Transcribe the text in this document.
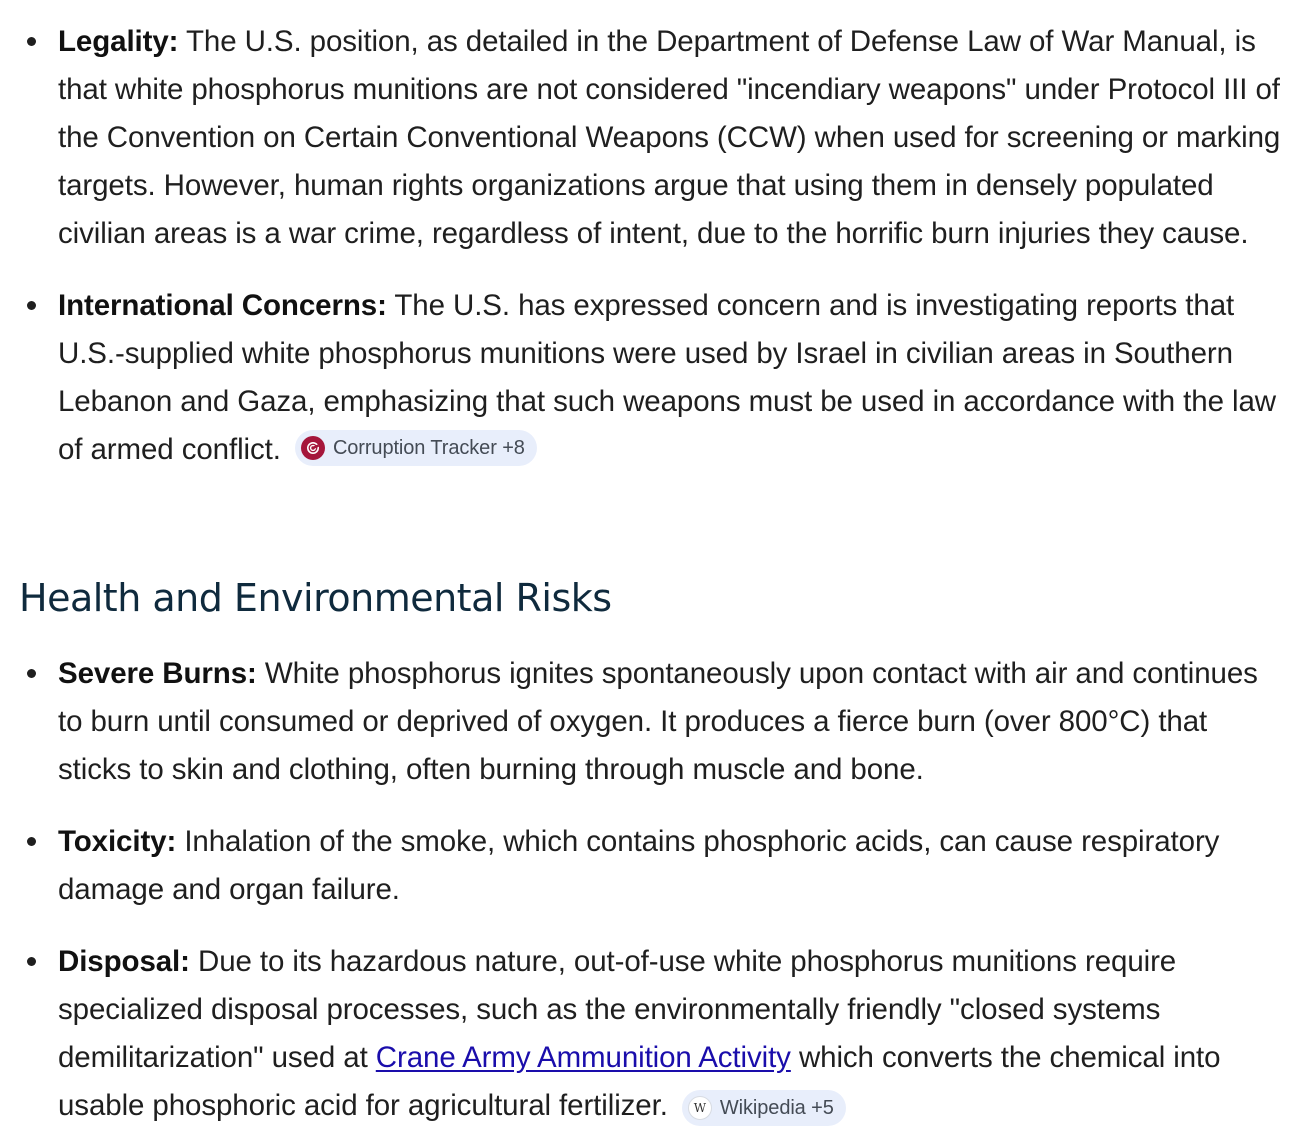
Legality: The U.S. position, as detailed in the Department of Defense Law of War Manual, is that white phosphorus munitions are not considered "incendiary weapons" under Protocol III of the Convention on Certain Conventional Weapons (CCW) when used for screening or marking targets. However, human rights organizations argue that using them in densely populated civilian areas is a war crime, regardless of intent, due to the horrific burn injuries they cause.
International Concerns: The U.S. has expressed concern and is investigating reports that U.S.-supplied white phosphorus munitions were used by Israel in civilian areas in Southern Lebanon and Gaza, emphasizing that such weapons must be used in accordance with the law of armed conflict.	Corruption Tracker +8
Health and Environmental Risks
Severe Burns: White phosphorus ignites spontaneously upon contact with air and continues to burn until consumed or deprived of oxygen. It produces a fierce burn (over 800°C) that sticks to skin and clothing, often burning through muscle and bone.
Toxicity: Inhalation of the smoke, which contains phosphoric acids, can cause respiratory damage and organ failure.
Disposal: Due to its hazardous nature, out-of-use white phosphorus munitions require specialized disposal processes, such as the environmentally friendly "closed systems demilitarization" used at Crane Army Ammunition Activity which converts the chemical into usable phosphoric acid for agricultural fertilizer.	W Wikipedia +5
